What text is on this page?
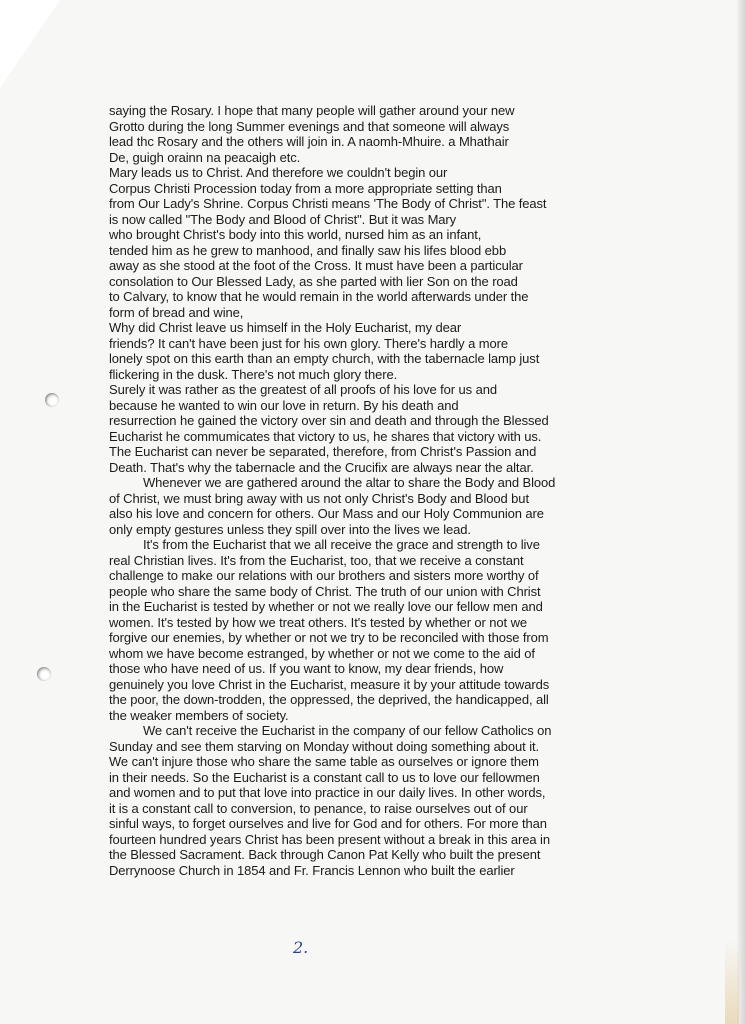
saying the Rosary. I hope that many people will gather around your new
Grotto during the long Summer evenings and that someone will always
lead thc Rosary and the others will join in. A naomh-Mhuire. a Mhathair
De, guigh orainn na peacaigh etc.
Mary leads us to Christ. And therefore we couldn't begin our
Corpus Christi Procession today from a more appropriate setting than
from Our Lady's Shrine. Corpus Christi means 'The Body of Christ". The feast
is now called "The Body and Blood of Christ". But it was Mary
who brought Christ's body into this world, nursed him as an infant,
tended him as he grew to manhood, and finally saw his lifes blood ebb
away as she stood at the foot of the Cross. It must have been a particular
consolation to Our Blessed Lady, as she parted with lier Son on the road
to Calvary, to know that he would remain in the world afterwards under the
form of bread and wine,
Why did Christ leave us himself in the Holy Eucharist, my dear
friends? It can't have been just for his own glory. There's hardly a more
lonely spot on this earth than an empty church, with the tabernacle lamp just
flickering in the dusk. There's not much glory there.
Surely it was rather as the greatest of all proofs of his love for us and
because he wanted to win our love in return. By his death and
resurrection he gained the victory over sin and death and through the Blessed
Eucharist he commumicates that victory to us, he shares that victory with us.
The Eucharist can never be separated, therefore, from Christ's Passion and
Death. That's why the tabernacle and the Crucifix are always near the altar.
Whenever we are gathered around the altar to share the Body and Blood
of Christ, we must bring away with us not only Christ's Body and Blood but
also his love and concern for others. Our Mass and our Holy Communion are
only empty gestures unless they spill over into the lives we lead.
It's from the Eucharist that we all receive the grace and strength to live
real Christian lives. It's from the Eucharist, too, that we receive a constant
challenge to make our relations with our brothers and sisters more worthy of
people who share the same body of Christ. The truth of our union with Christ
in the Eucharist is tested by whether or not we really love our fellow men and
women. It's tested by how we treat others. It's tested by whether or not we
forgive our enemies, by whether or not we try to be reconciled with those from
whom we have become estranged, by whether or not we come to the aid of
those who have need of us. If you want to know, my dear friends, how
genuinely you love Christ in the Eucharist, measure it by your attitude towards
the poor, the down-trodden, the oppressed, the deprived, the handicapped, all
the weaker members of society.
We can't receive the Eucharist in the company of our fellow Catholics on
Sunday and see them starving on Monday without doing something about it.
We can't injure those who share the same table as ourselves or ignore them
in their needs. So the Eucharist is a constant call to us to love our fellowmen
and women and to put that love into practice in our daily lives. In other words,
it is a constant call to conversion, to penance, to raise ourselves out of our
sinful ways, to forget ourselves and live for God and for others. For more than
fourteen hundred years Christ has been present without a break in this area in
the Blessed Sacrament. Back through Canon Pat Kelly who built the present
Derrynoose Church in 1854 and Fr. Francis Lennon who built the earlier
2.
